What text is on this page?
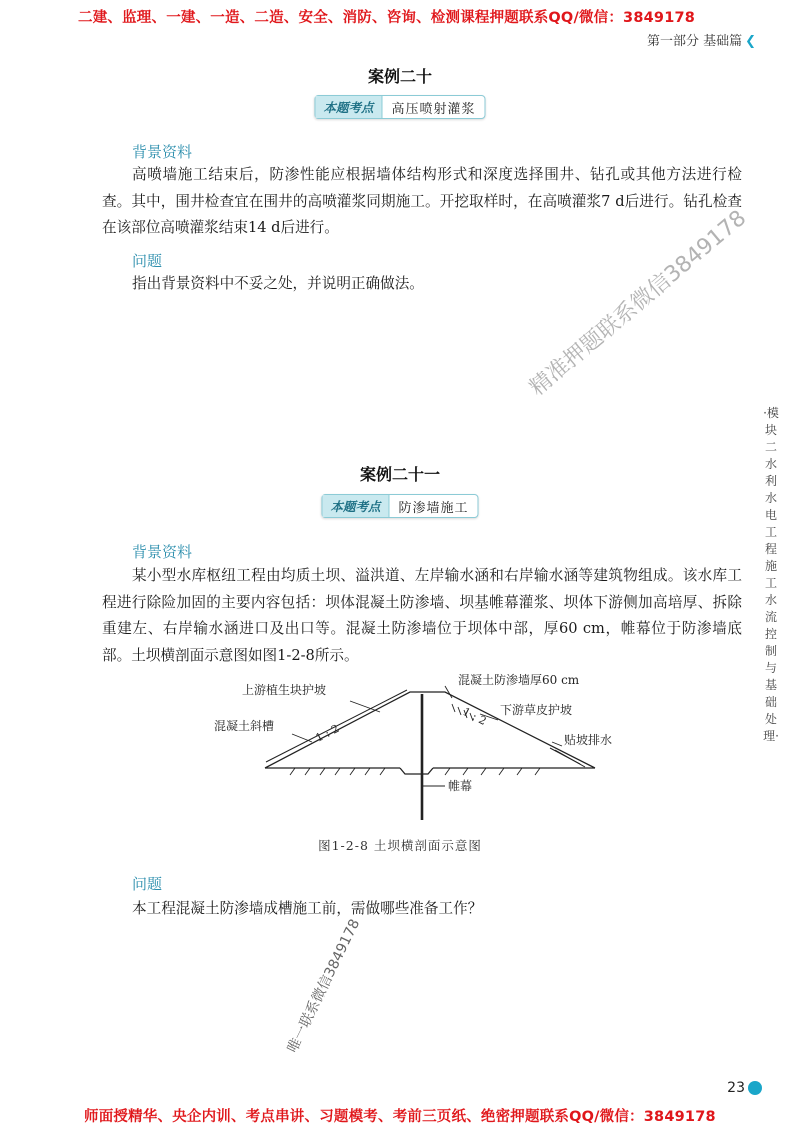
二建、监理、一建、一造、二造、安全、消防、咨询、检测课程押题联系QQ/微信：3849178
第一部分 基础篇 ❮
案例二十
本题考点	高压喷射灌浆
背景资料

高喷墙施工结束后，防渗性能应根据墙体结构形式和深度选择围井、钻孔或其他方法进行检查。其中，围井检查宜在围井的高喷灌浆同期施工。开挖取样时，在高喷灌浆7 d后进行。钻孔检查在该部位高喷灌浆结束14 d后进行。

问题
指出背景资料中不妥之处，并说明正确做法。
案例二十一
本题考点	防渗墙施工
背景资料

某小型水库枢纽工程由均质土坝、溢洪道、左岸输水涵和右岸输水涵等建筑物组成。该水库工程进行除险加固的主要内容包括：坝体混凝土防渗墙、坝基帷幕灌浆、坝体下游侧加高培厚、拆除重建左、右岸输水涵进口及出口等。混凝土防渗墙位于坝体中部，厚60 cm，帷幕位于防渗墙底部。土坝横剖面示意图如图1-2-8所示。

上游植生块护坡
混凝土斜槽	1 : 2
混凝土防渗墙厚60 cm
1 : 2 下游草皮护坡
贴坡排水
帷幕
图1-2-8 土坝横剖面示意图
问题
本工程混凝土防渗墙成槽施工前，需做哪些准备工作？
·模块二 水利水电工程施工水流控制与基础处理·
精准押题联系微信3849178
唯一联系微信3849178
23
师面授精华、央企内训、考点串讲、习题模考、考前三页纸、绝密押题联系QQ/微信：3849178
